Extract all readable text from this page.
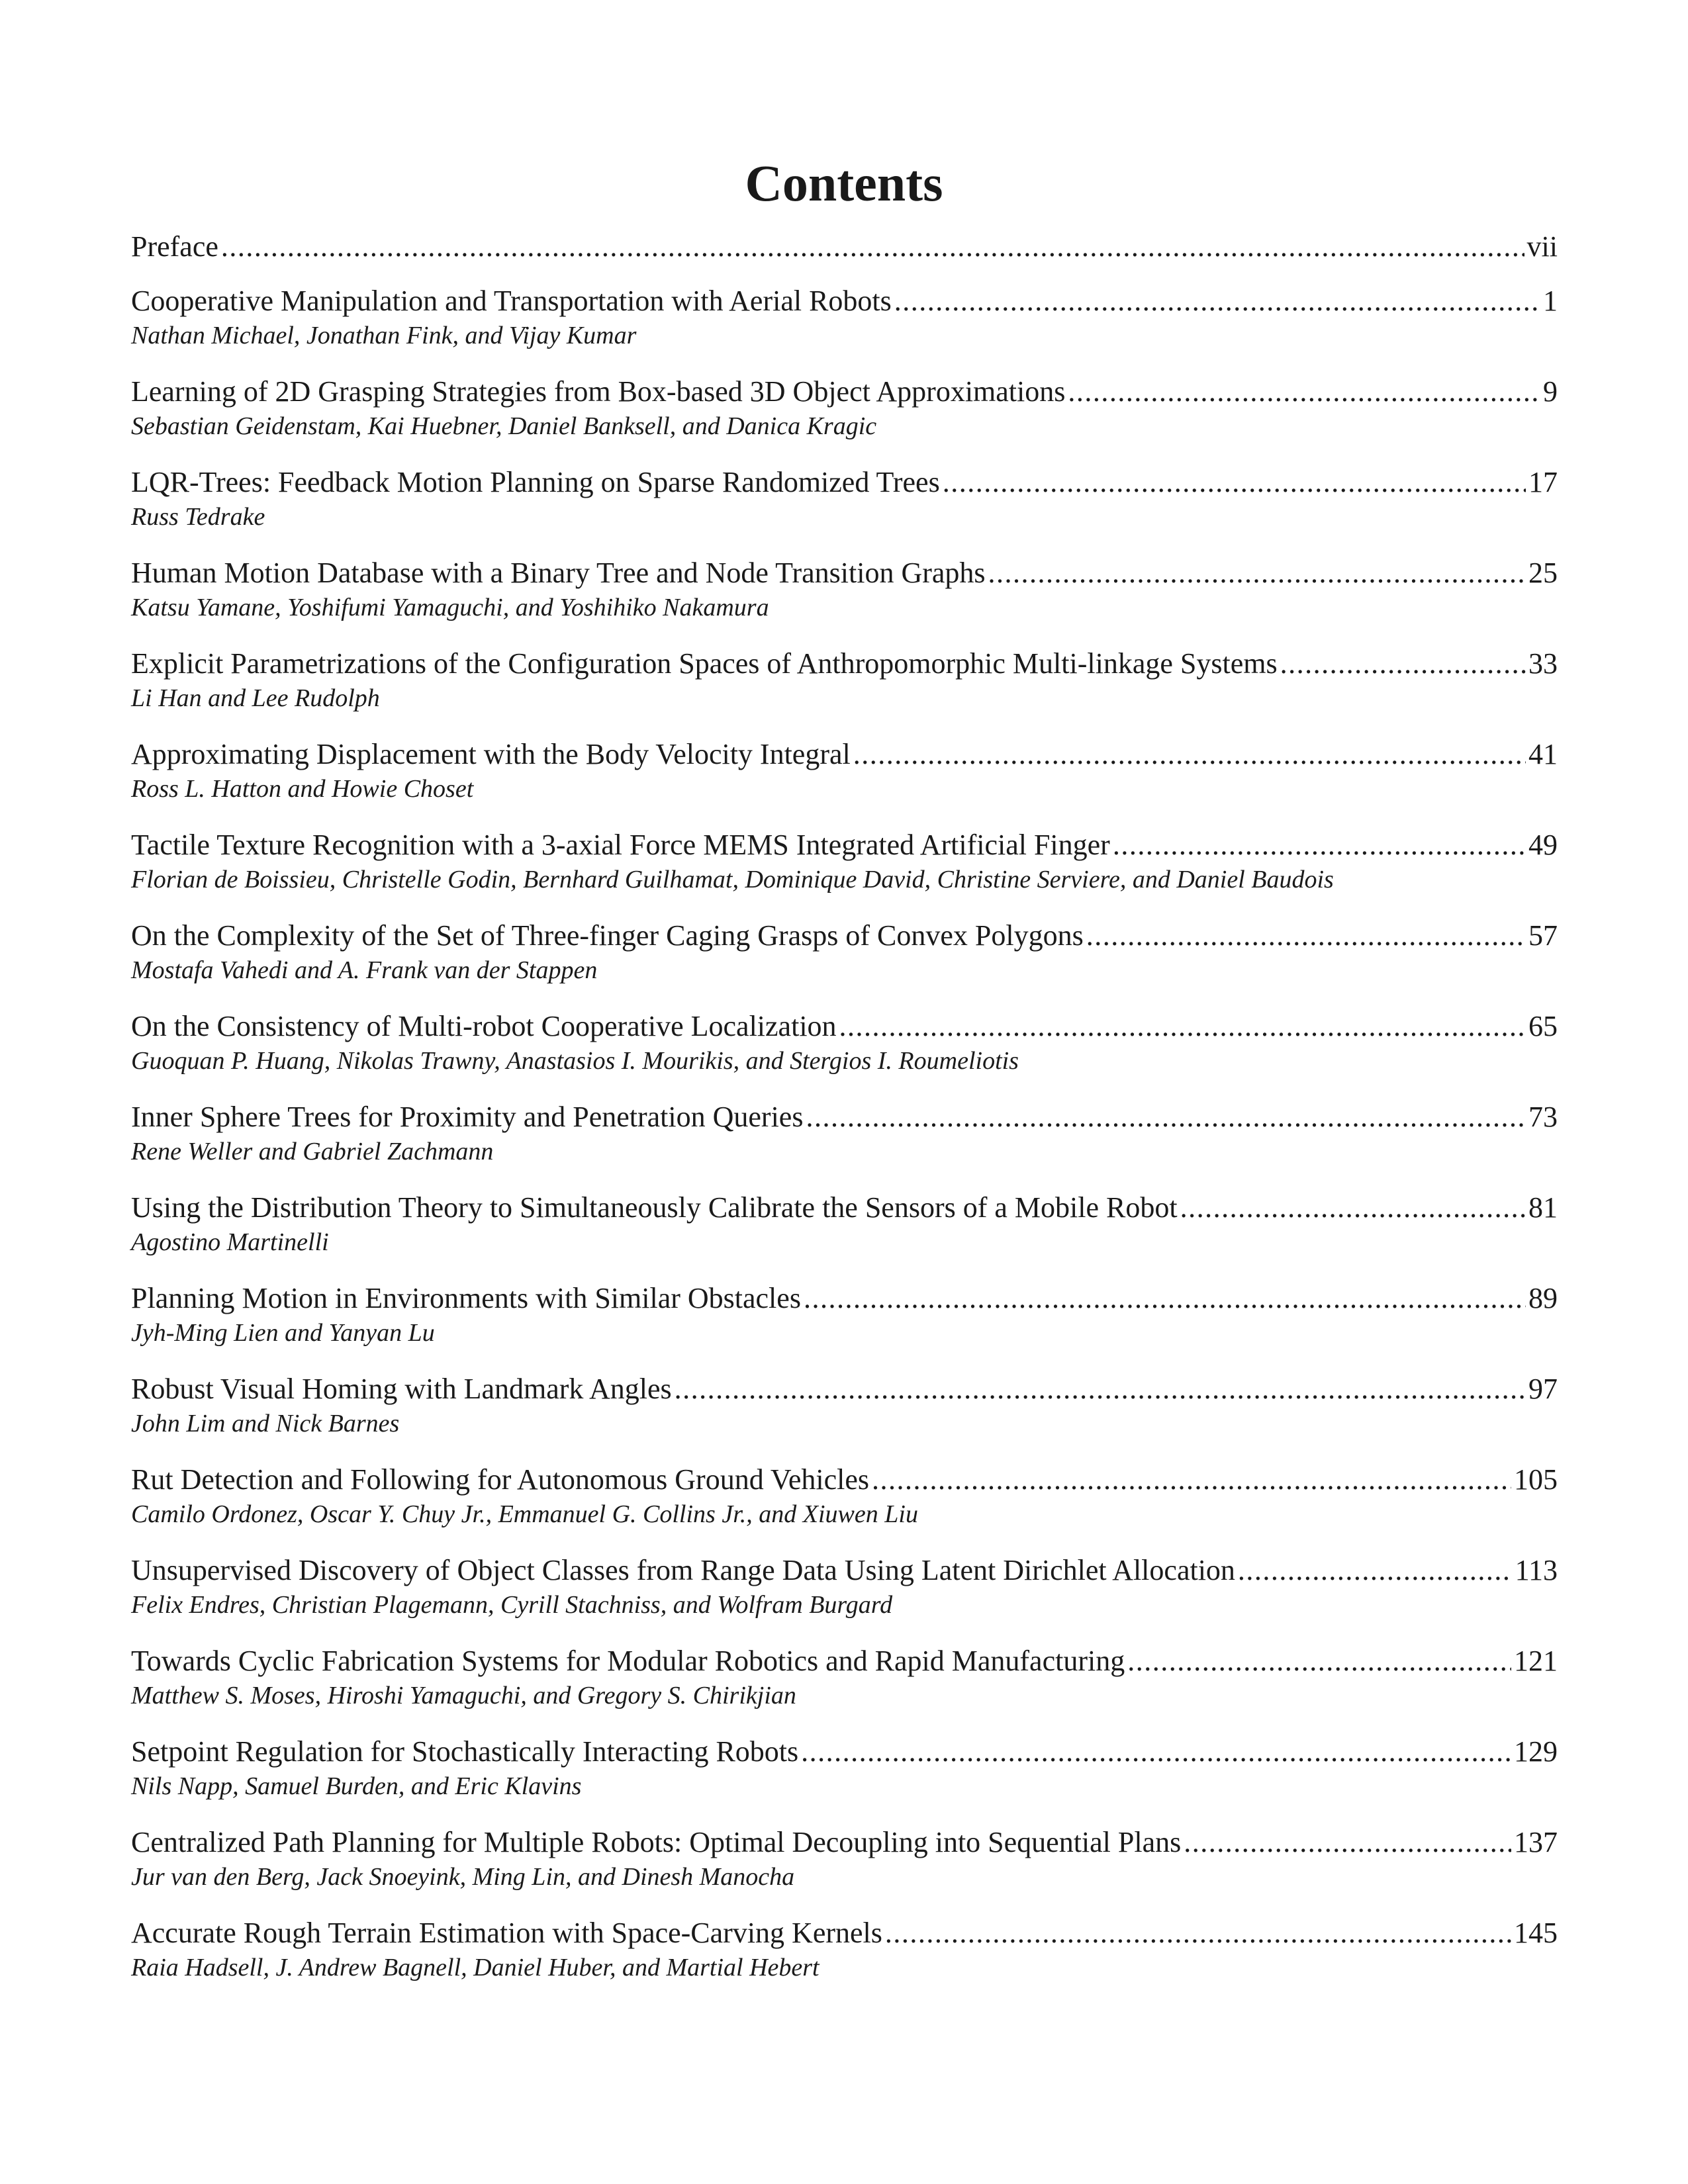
Contents
Preface .....	vii
Cooperative Manipulation and Transportation with Aerial Robots .....	1
Nathan Michael, Jonathan Fink, and Vijay Kumar
Learning of 2D Grasping Strategies from Box-based 3D Object Approximations .....	9
Sebastian Geidenstam, Kai Huebner, Daniel Banksell, and Danica Kragic
LQR-Trees: Feedback Motion Planning on Sparse Randomized Trees .....	17
Russ Tedrake
Human Motion Database with a Binary Tree and Node Transition Graphs .....	25
Katsu Yamane, Yoshifumi Yamaguchi, and Yoshihiko Nakamura
Explicit Parametrizations of the Configuration Spaces of Anthropomorphic Multi-linkage Systems .....	33
Li Han and Lee Rudolph
Approximating Displacement with the Body Velocity Integral .....	41
Ross L. Hatton and Howie Choset
Tactile Texture Recognition with a 3-axial Force MEMS Integrated Artificial Finger .....	49
Florian de Boissieu, Christelle Godin, Bernhard Guilhamat, Dominique David, Christine Serviere, and Daniel Baudois
On the Complexity of the Set of Three-finger Caging Grasps of Convex Polygons .....	57
Mostafa Vahedi and A. Frank van der Stappen
On the Consistency of Multi-robot Cooperative Localization .....	65
Guoquan P. Huang, Nikolas Trawny, Anastasios I. Mourikis, and Stergios I. Roumeliotis
Inner Sphere Trees for Proximity and Penetration Queries .....	73
Rene Weller and Gabriel Zachmann
Using the Distribution Theory to Simultaneously Calibrate the Sensors of a Mobile Robot .....	81
Agostino Martinelli
Planning Motion in Environments with Similar Obstacles .....	89
Jyh-Ming Lien and Yanyan Lu
Robust Visual Homing with Landmark Angles .....	97
John Lim and Nick Barnes
Rut Detection and Following for Autonomous Ground Vehicles .....	105
Camilo Ordonez, Oscar Y. Chuy Jr., Emmanuel G. Collins Jr., and Xiuwen Liu
Unsupervised Discovery of Object Classes from Range Data Using Latent Dirichlet Allocation .....	113
Felix Endres, Christian Plagemann, Cyrill Stachniss, and Wolfram Burgard
Towards Cyclic Fabrication Systems for Modular Robotics and Rapid Manufacturing .....	121
Matthew S. Moses, Hiroshi Yamaguchi, and Gregory S. Chirikjian
Setpoint Regulation for Stochastically Interacting Robots .....	129
Nils Napp, Samuel Burden, and Eric Klavins
Centralized Path Planning for Multiple Robots: Optimal Decoupling into Sequential Plans .....	137
Jur van den Berg, Jack Snoeyink, Ming Lin, and Dinesh Manocha
Accurate Rough Terrain Estimation with Space-Carving Kernels .....	145
Raia Hadsell, J. Andrew Bagnell, Daniel Huber, and Martial Hebert
